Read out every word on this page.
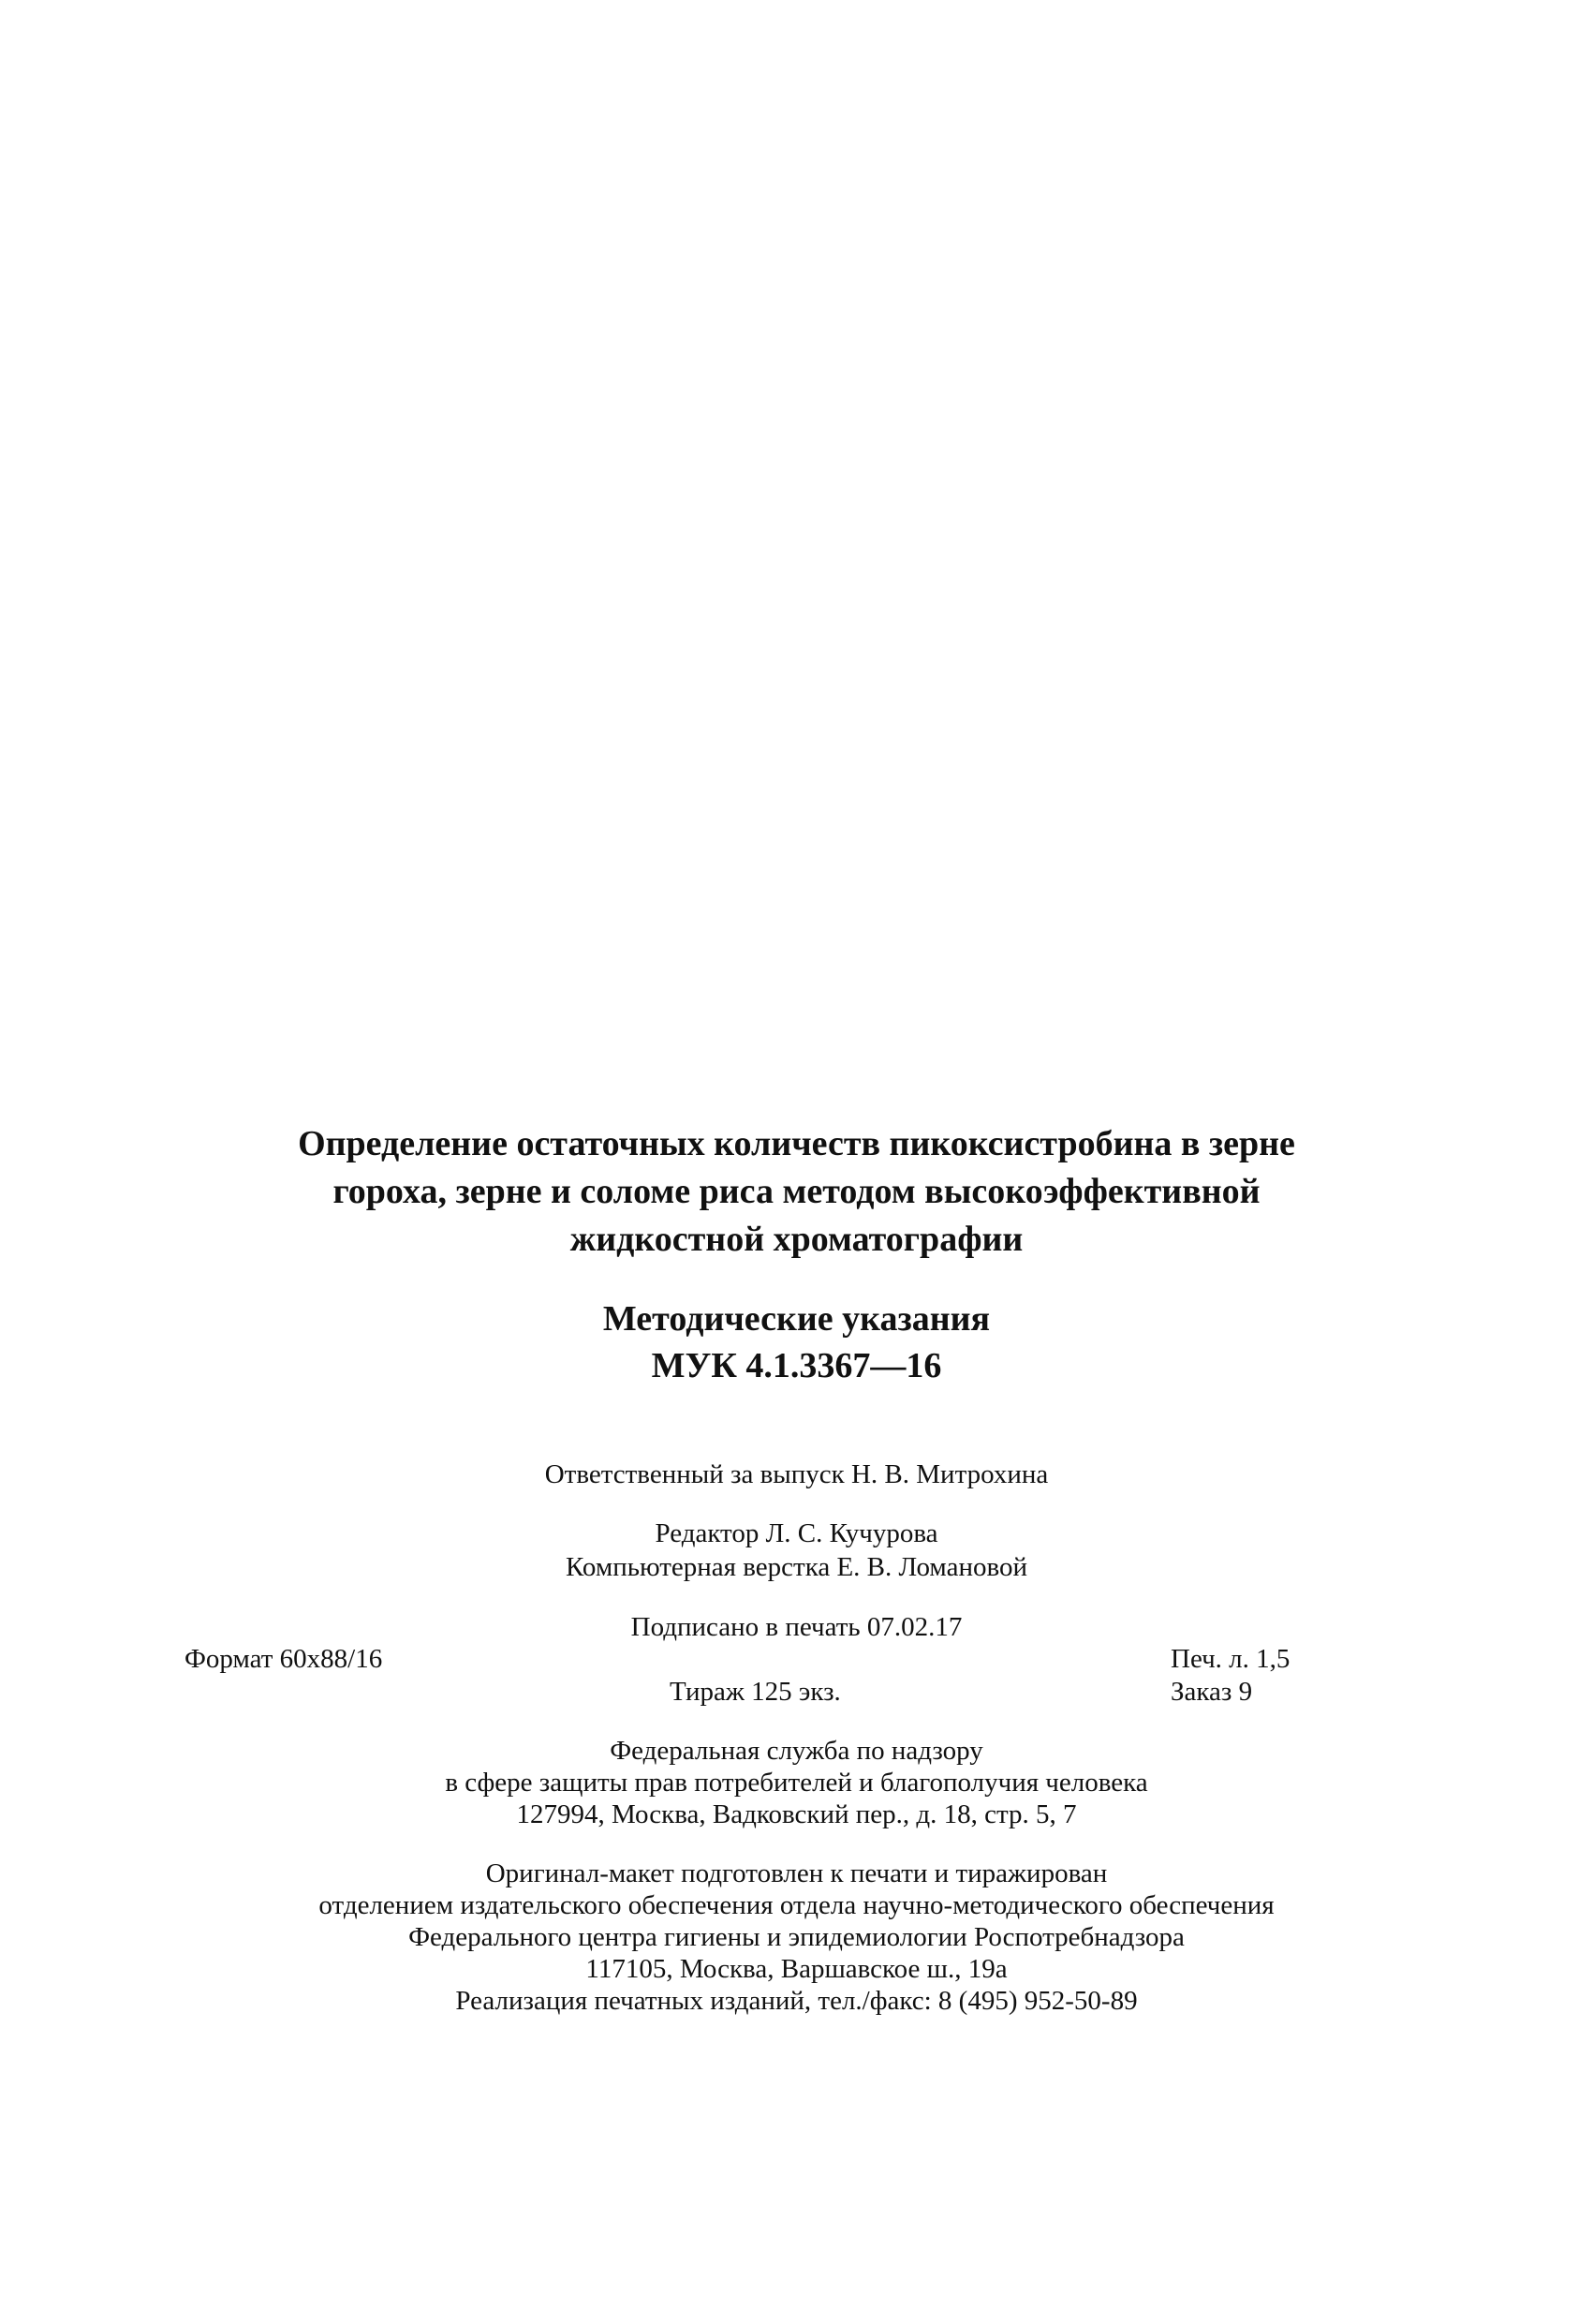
Определение остаточных количеств пикоксистробина в зерне
гороха, зерне и соломе риса методом высокоэффективной
жидкостной хроматографии
Методические указания
МУК 4.1.3367—16
Ответственный за выпуск Н. В. Митрохина
Редактор Л. С. Кучурова
Компьютерная верстка Е. В. Ломановой
Подписано в печать 07.02.17
Формат 60x88/16	Печ. л. 1,5
Тираж 125 экз.	Заказ 9
Федеральная служба по надзору
в сфере защиты прав потребителей и благополучия человека
127994, Москва, Вадковский пер., д. 18, стр. 5, 7
Оригинал-макет подготовлен к печати и тиражирован
отделением издательского обеспечения отдела научно-методического обеспечения
Федерального центра гигиены и эпидемиологии Роспотребнадзора
117105, Москва, Варшавское ш., 19а
Реализация печатных изданий, тел./факс: 8 (495) 952-50-89
